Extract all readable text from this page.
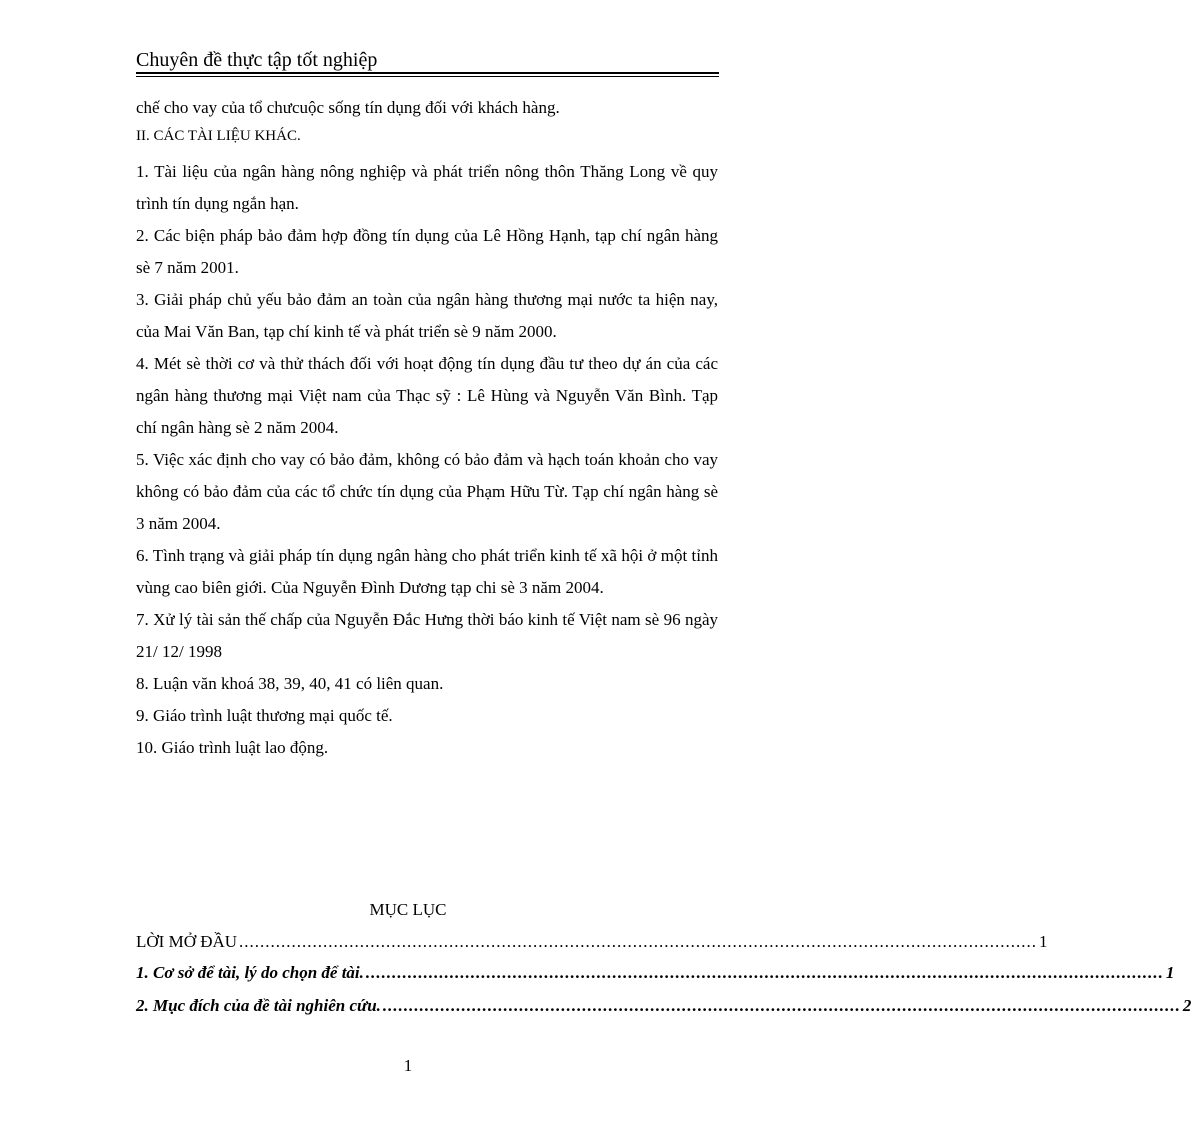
Chuyên đề thực tập tốt nghiệp

chế cho vay của tổ chưcuộc sống tín dụng đối với khách hàng.

II. CÁC TÀI LIỆU KHÁC.

1. Tài liệu của ngân hàng nông nghiệp và phát triển nông thôn Thăng Long về quy trình tín dụng ngắn hạn.

2. Các biện pháp bảo đảm hợp đồng tín dụng của Lê Hồng Hạnh, tạp chí ngân hàng sè 7 năm 2001.

3. Giải pháp chủ yếu bảo đảm an toàn của ngân hàng thương mại nước ta hiện nay, của Mai Văn Ban, tạp chí kinh tế và phát triển sè 9 năm 2000.

4. Mét sè thời cơ và thử thách đối với hoạt động tín dụng đầu tư theo dự án của các ngân hàng thương mại Việt nam của Thạc sỹ : Lê Hùng và Nguyễn Văn Bình. Tạp chí ngân hàng sè 2 năm 2004.

5. Việc xác định cho vay có bảo đảm, không có bảo đảm và hạch toán khoản cho vay không có bảo đảm của các tổ chức tín dụng của Phạm Hữu Từ. Tạp chí ngân hàng sè 3 năm 2004.

6. Tình trạng và giải pháp tín dụng ngân hàng cho phát triển kinh tế xã hội ở một tỉnh vùng cao biên giới. Của Nguyễn Đình Dương tạp chi sè 3 năm 2004.

7. Xử lý tài sản thế chấp của Nguyễn Đắc Hưng thời báo kinh tế Việt nam sè 96 ngày 21/ 12/ 1998

8. Luận văn khoá 38, 39, 40, 41 có liên quan.

9. Giáo trình luật thương mại quốc tế.

10. Giáo trình luật lao động.

MỤC LỤC
LỜI MỞ ĐẦU ........................................................................................................................................................ 1
1. Cơ sở để tài, lý do chọn để tài. ........................................................................................................................................................ 1
2. Mục đích của đề tài nghiên cứu. ........................................................................................................................................................ 2
1
